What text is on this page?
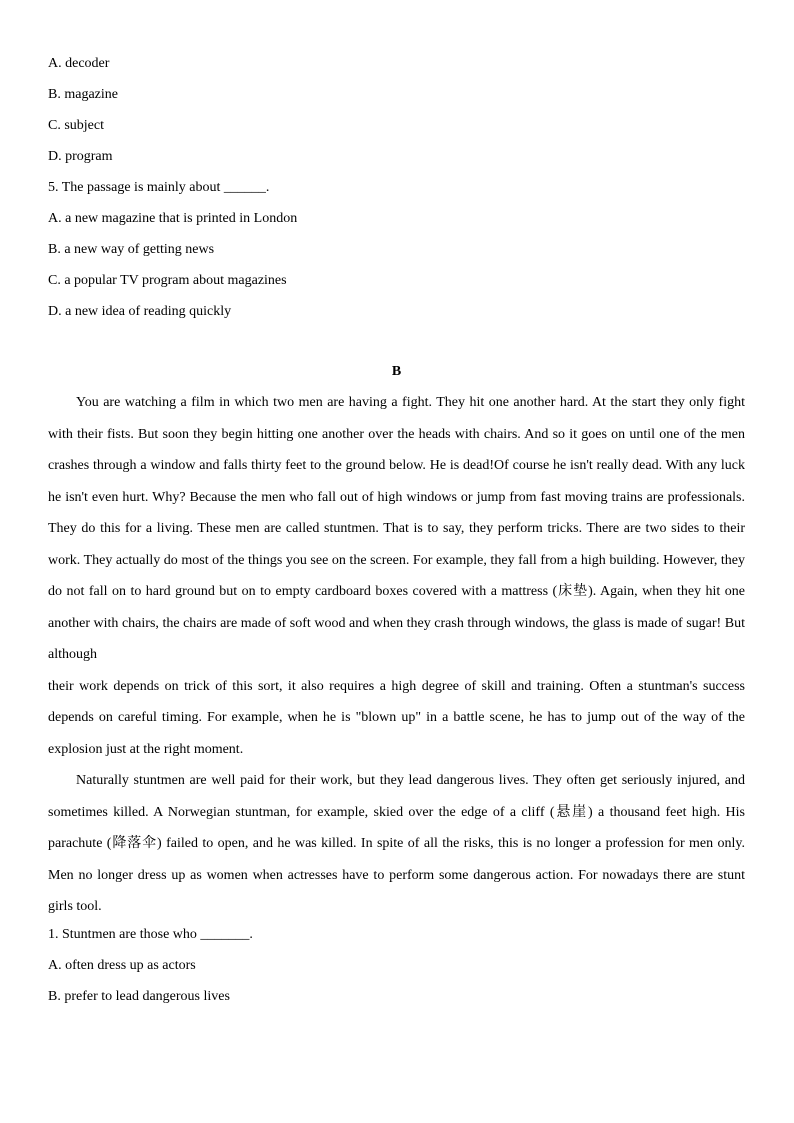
A. decoder
B. magazine
C. subject
D. program
5. The passage is mainly about ______.
A. a new magazine that is printed in London
B. a new way of getting news
C. a popular TV program about magazines
D. a new idea of reading quickly
B

You are watching a film in which two men are having a fight. They hit one another hard. At the start they only fight with their fists. But soon they begin hitting one another over the heads with chairs. And so it goes on until one of the men crashes through a window and falls thirty feet to the ground below. He is dead!Of course he isn't really dead. With any luck he isn't even hurt. Why? Because the men who fall out of high windows or jump from fast moving trains are professionals. They do this for a living. These men are called stuntmen. That is to say, they perform tricks. There are two sides to their work. They actually do most of the things you see on the screen. For example, they fall from a high building. However, they do not fall on to hard ground but on to empty cardboard boxes covered with a mattress (床垫). Again, when they hit one another with chairs, the chairs are made of soft wood and when they crash through windows, the glass is made of sugar! But although

their work depends on trick of this sort, it also requires a high degree of skill and training. Often a stuntman's success depends on careful timing. For example, when he is "blown up" in a battle scene, he has to jump out of the way of the explosion just at the right moment.

Naturally stuntmen are well paid for their work, but they lead dangerous lives. They often get seriously injured, and sometimes killed. A Norwegian stuntman, for example, skied over the edge of a cliff (悬崖) a thousand feet high. His parachute (降落伞) failed to open, and he was killed. In spite of all the risks, this is no longer a profession for men only. Men no longer dress up as women when actresses have to perform some dangerous action. For nowadays there are stunt girls tool.

1. Stuntmen are those who _______.
A. often dress up as actors
B. prefer to lead dangerous lives
